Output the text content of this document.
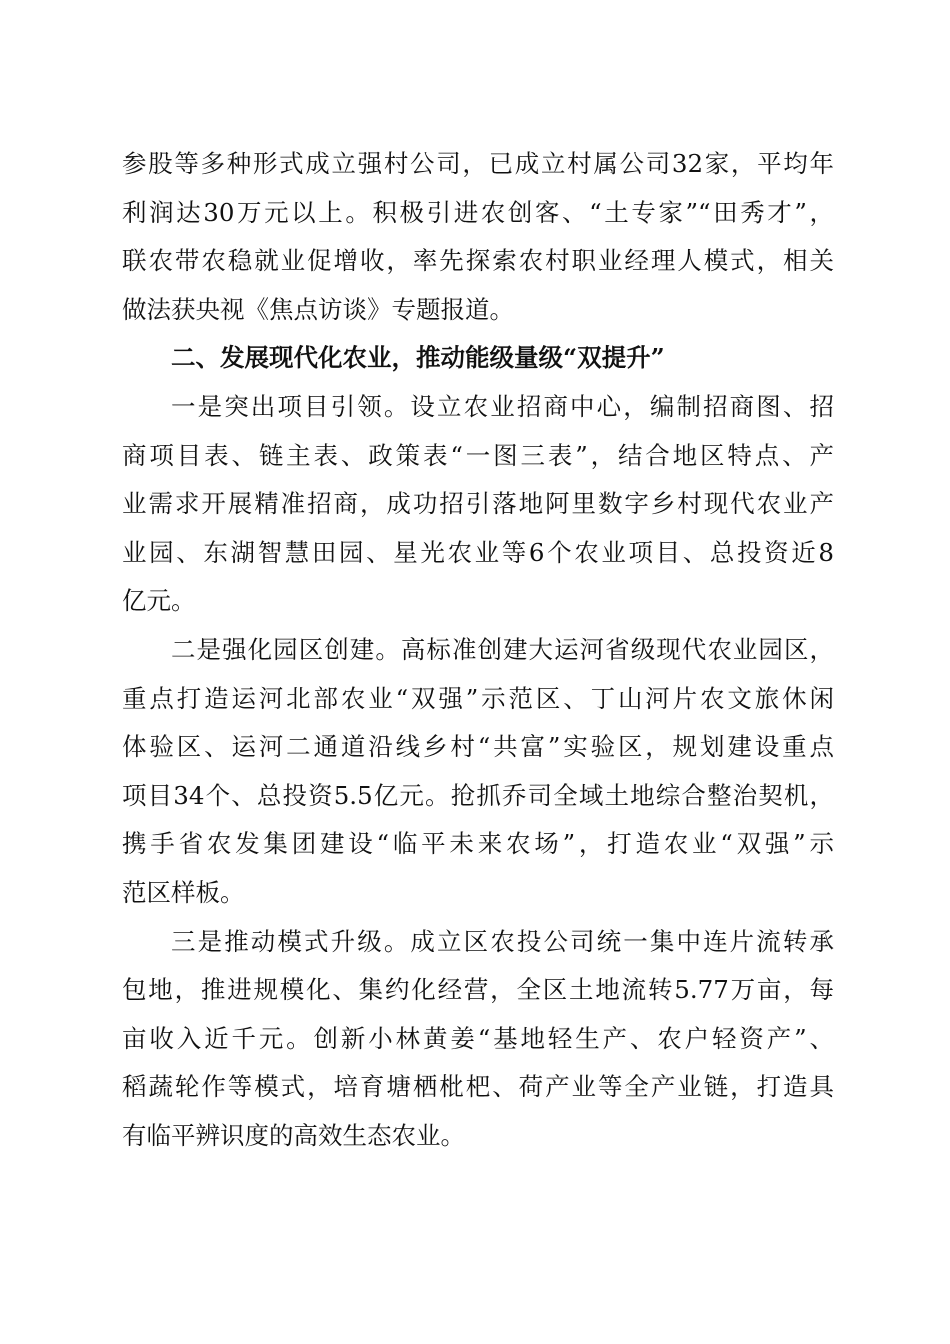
参股等多种形式成立强村公司，已成立村属公司32家，平均年
利润达30万元以上。积极引进农创客、“土专家”“田秀才”，
联农带农稳就业促增收，率先探索农村职业经理人模式，相关
做法获央视《焦点访谈》专题报道。
二、发展现代化农业，推动能级量级“双提升”
一是突出项目引领。设立农业招商中心，编制招商图、招
商项目表、链主表、政策表“一图三表”，结合地区特点、产
业需求开展精准招商，成功招引落地阿里数字乡村现代农业产
业园、东湖智慧田园、星光农业等6个农业项目、总投资近8
亿元。
二是强化园区创建。高标准创建大运河省级现代农业园区，
重点打造运河北部农业“双强”示范区、丁山河片农文旅休闲
体验区、运河二通道沿线乡村“共富”实验区，规划建设重点
项目34个、总投资5.5亿元。抢抓乔司全域土地综合整治契机，
携手省农发集团建设“临平未来农场”，打造农业“双强”示
范区样板。
三是推动模式升级。成立区农投公司统一集中连片流转承
包地，推进规模化、集约化经营，全区土地流转5.77万亩，每
亩收入近千元。创新小林黄姜“基地轻生产、农户轻资产”、
稻蔬轮作等模式，培育塘栖枇杷、荷产业等全产业链，打造具
有临平辨识度的高效生态农业。
